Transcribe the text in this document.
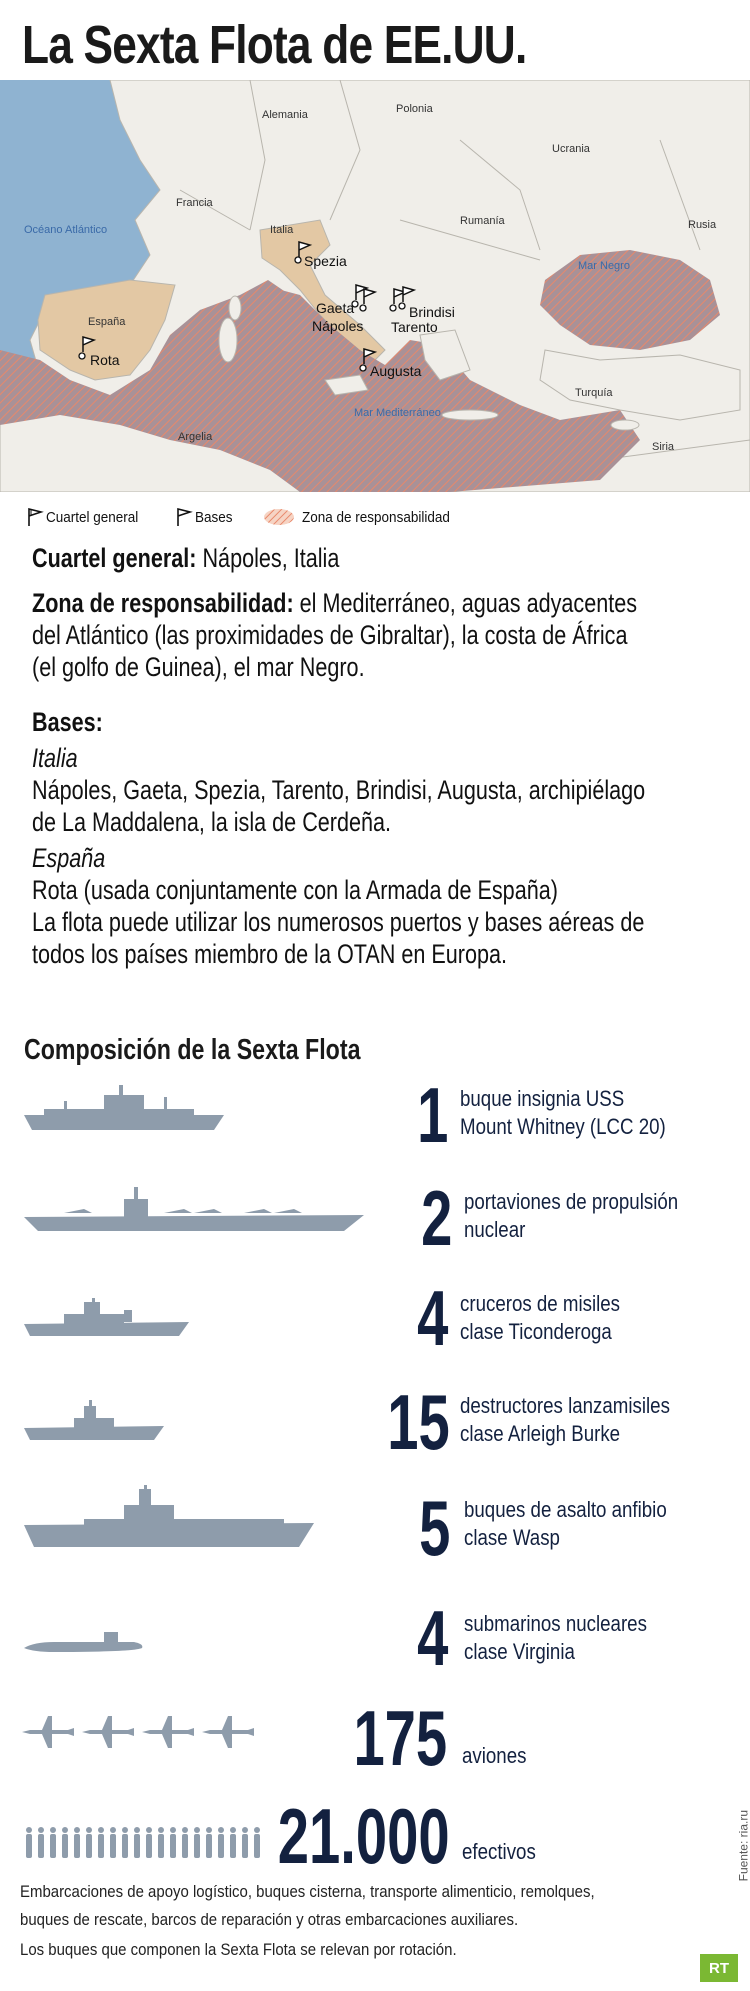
La Sexta Flota de EE.UU.
Alemania	Polonia
Ucrania
Francia
Italia
Rumanía	Rusia
España
Turquía
Siria
Argelia
Océano Atlántico
Mar Negro
Mar Mediterráneo
Spezia
Gaeta
Nápoles
Brindisi
Tarento
Augusta
Rota
Cuartel general	Bases	Zona de responsabilidad
Cuartel general: Nápoles, Italia
Zona de responsabilidad: el Mediterráneo, aguas adyacentes
del Atlántico (las proximidades de Gibraltar), la costa de África
(el golfo de Guinea), el mar Negro.
Bases:
Italia
Nápoles, Gaeta, Spezia, Tarento, Brindisi, Augusta, archipiélago
de La Maddalena, la isla de Cerdeña.
España
Rota (usada conjuntamente con la Armada de España)
La flota puede utilizar los numerosos puertos y bases aéreas de
todos los países miembro de la OTAN en Europa.
Composición de la Sexta Flota
1 buque insignia USS
Mount Whitney (LCC 20)
2 portaviones de propulsión
nuclear
4 cruceros de misiles
clase Ticonderoga
15 destructores lanzamisiles
clase Arleigh Burke
5 buques de asalto anfibio
clase Wasp
4 submarinos nucleares
clase Virginia
175 aviones
21.000 efectivos
Embarcaciones de apoyo logístico, buques cisterna, transporte alimenticio, remolques,
buques de rescate, barcos de reparación y otras embarcaciones auxiliares.
Los buques que componen la Sexta Flota se relevan por rotación.
Fuente: ria.ru
RT
